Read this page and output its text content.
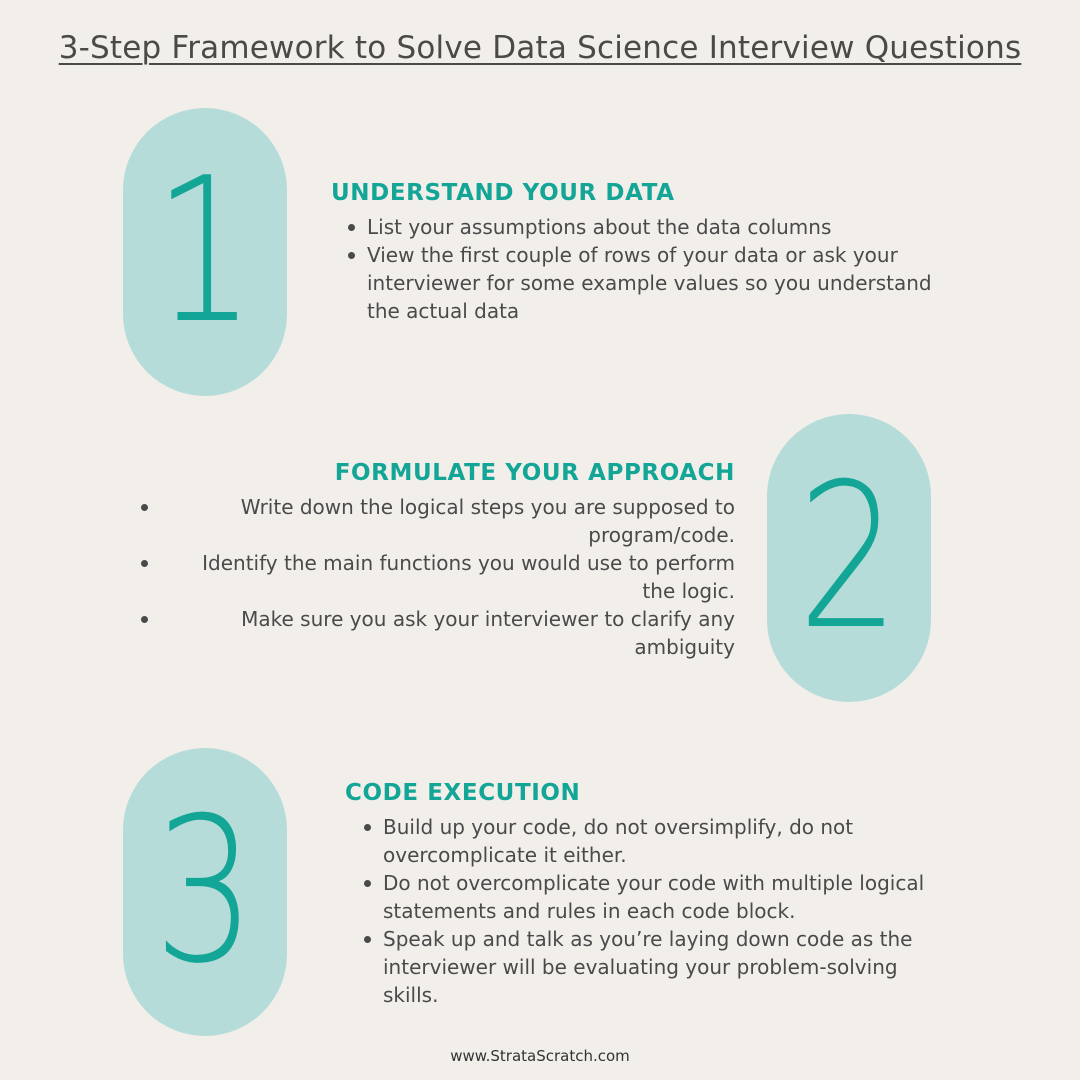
3-Step Framework to Solve Data Science Interview Questions
1	UNDERSTAND YOUR DATA
List your assumptions about the data columns
View the first couple of rows of your data or ask your interviewer for some example values so you understand the actual data
2
FORMULATE YOUR APPROACH
Write down the logical steps you are supposed to program/code.
Identify the main functions you would use to perform the logic.
Make sure you ask your interviewer to clarify any ambiguity
3	CODE EXECUTION
Build up your code, do not oversimplify, do not overcomplicate it either.
Do not overcomplicate your code with multiple logical statements and rules in each code block.
Speak up and talk as you’re laying down code as the interviewer will be evaluating your problem-solving skills.
www.StrataScratch.com
